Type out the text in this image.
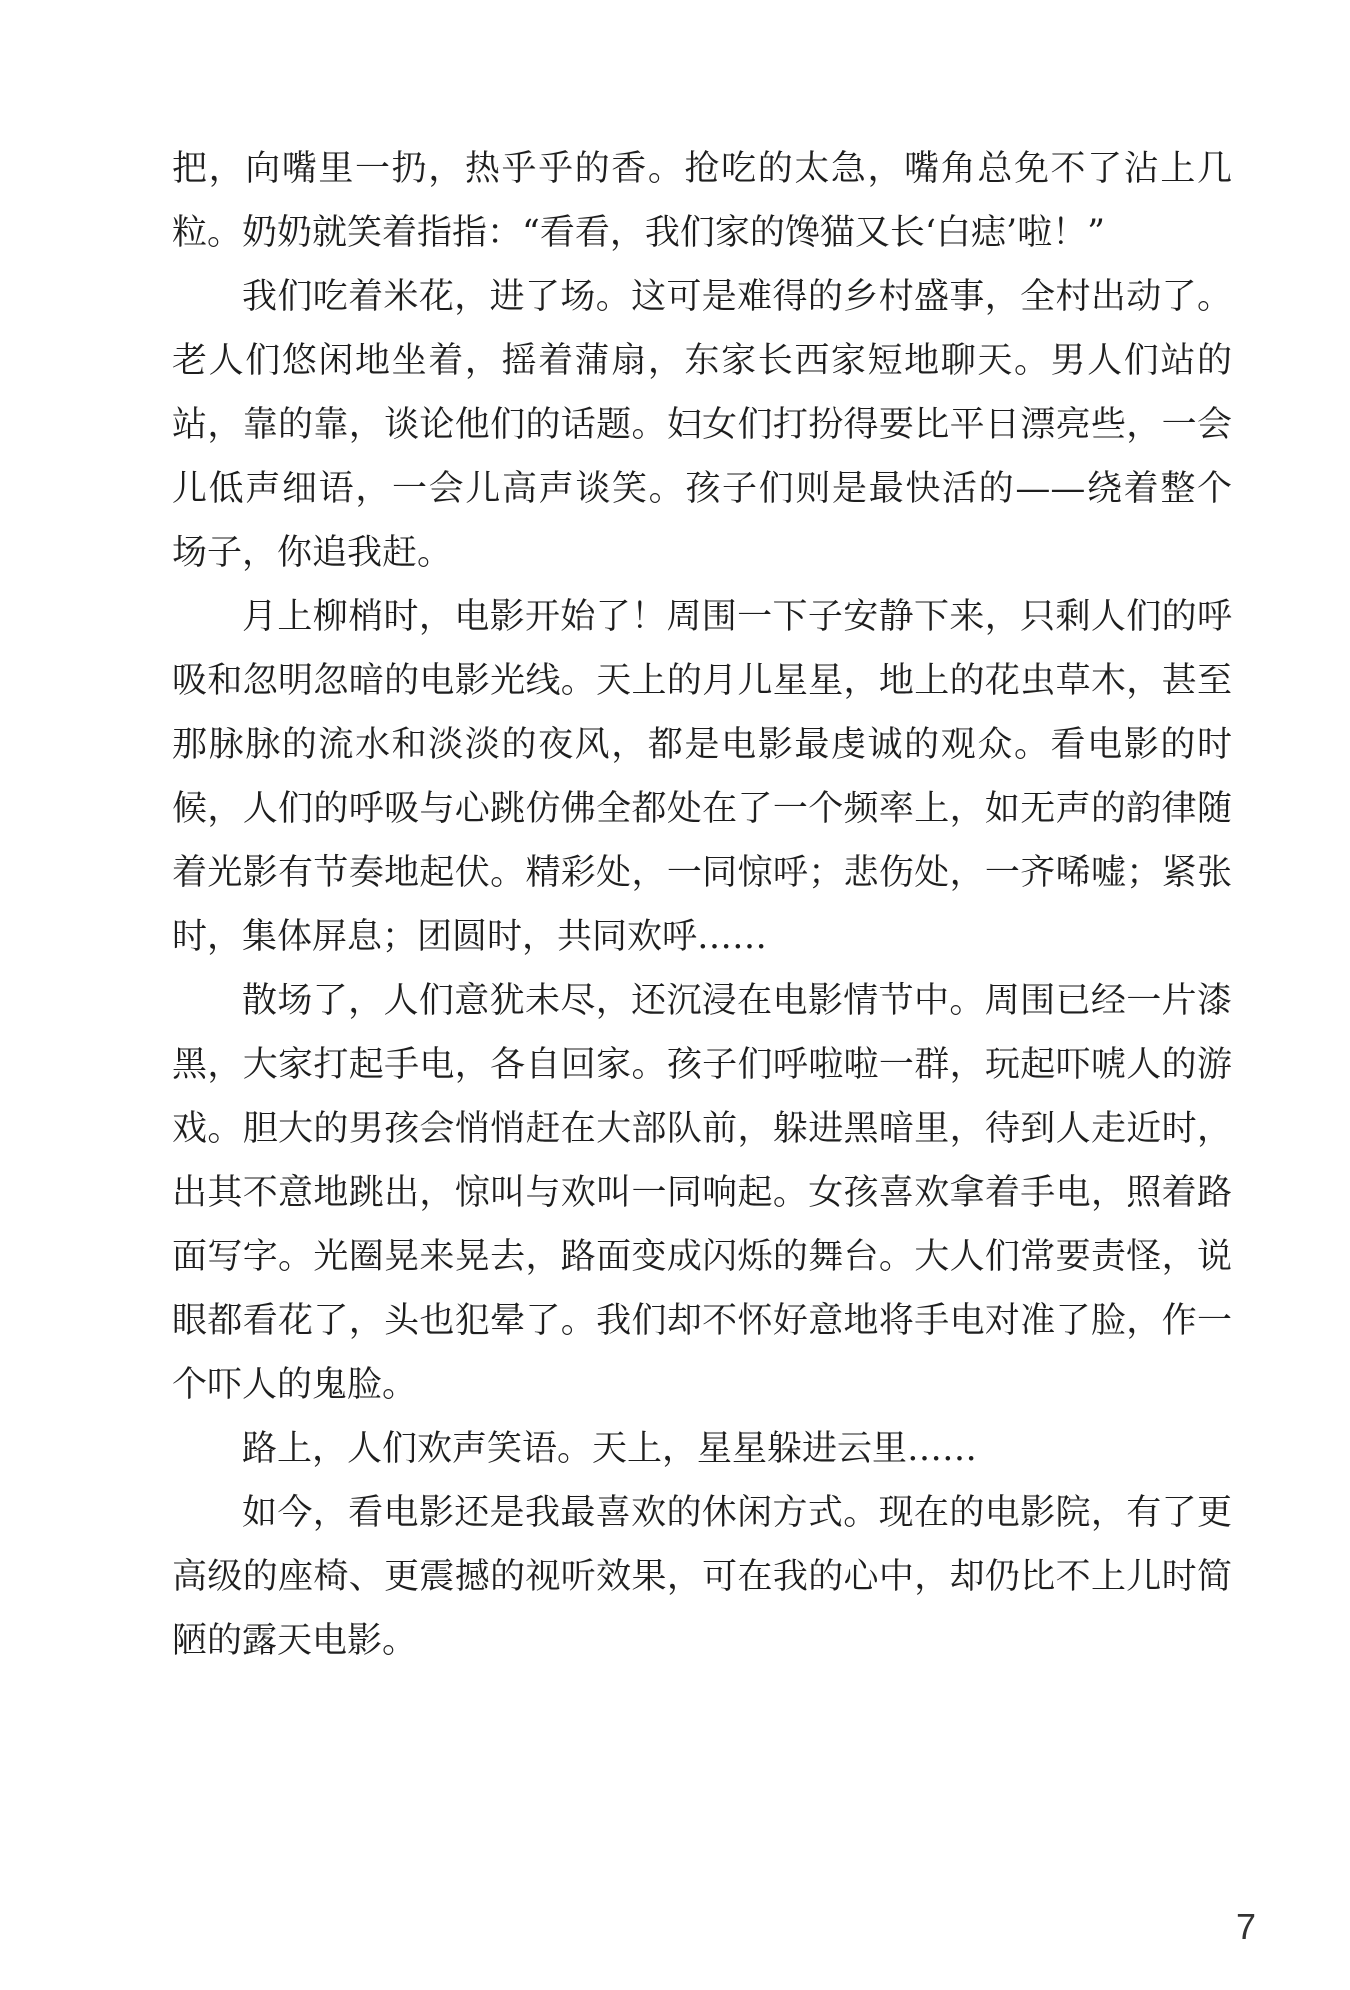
把，向嘴里一扔，热乎乎的香。抢吃的太急，嘴角总免不了沾上几
粒。奶奶就笑着指指：“看看，我们家的馋猫又长‘白痣’啦！”
我们吃着米花，进了场。这可是难得的乡村盛事，全村出动了。
老人们悠闲地坐着，摇着蒲扇，东家长西家短地聊天。男人们站的
站，靠的靠，谈论他们的话题。妇女们打扮得要比平日漂亮些，一会
儿低声细语，一会儿高声谈笑。孩子们则是最快活的——绕着整个
场子，你追我赶。
月上柳梢时，电影开始了！周围一下子安静下来，只剩人们的呼
吸和忽明忽暗的电影光线。天上的月儿星星，地上的花虫草木，甚至
那脉脉的流水和淡淡的夜风，都是电影最虔诚的观众。看电影的时
候，人们的呼吸与心跳仿佛全都处在了一个频率上，如无声的韵律随
着光影有节奏地起伏。精彩处，一同惊呼；悲伤处，一齐唏嘘；紧张
时，集体屏息；团圆时，共同欢呼……
散场了，人们意犹未尽，还沉浸在电影情节中。周围已经一片漆
黑，大家打起手电，各自回家。孩子们呼啦啦一群，玩起吓唬人的游
戏。胆大的男孩会悄悄赶在大部队前，躲进黑暗里，待到人走近时，
出其不意地跳出，惊叫与欢叫一同响起。女孩喜欢拿着手电，照着路
面写字。光圈晃来晃去，路面变成闪烁的舞台。大人们常要责怪，说
眼都看花了，头也犯晕了。我们却不怀好意地将手电对准了脸，作一
个吓人的鬼脸。
路上，人们欢声笑语。天上，星星躲进云里……
如今，看电影还是我最喜欢的休闲方式。现在的电影院，有了更
高级的座椅、更震撼的视听效果，可在我的心中，却仍比不上儿时简
陋的露天电影。
7
